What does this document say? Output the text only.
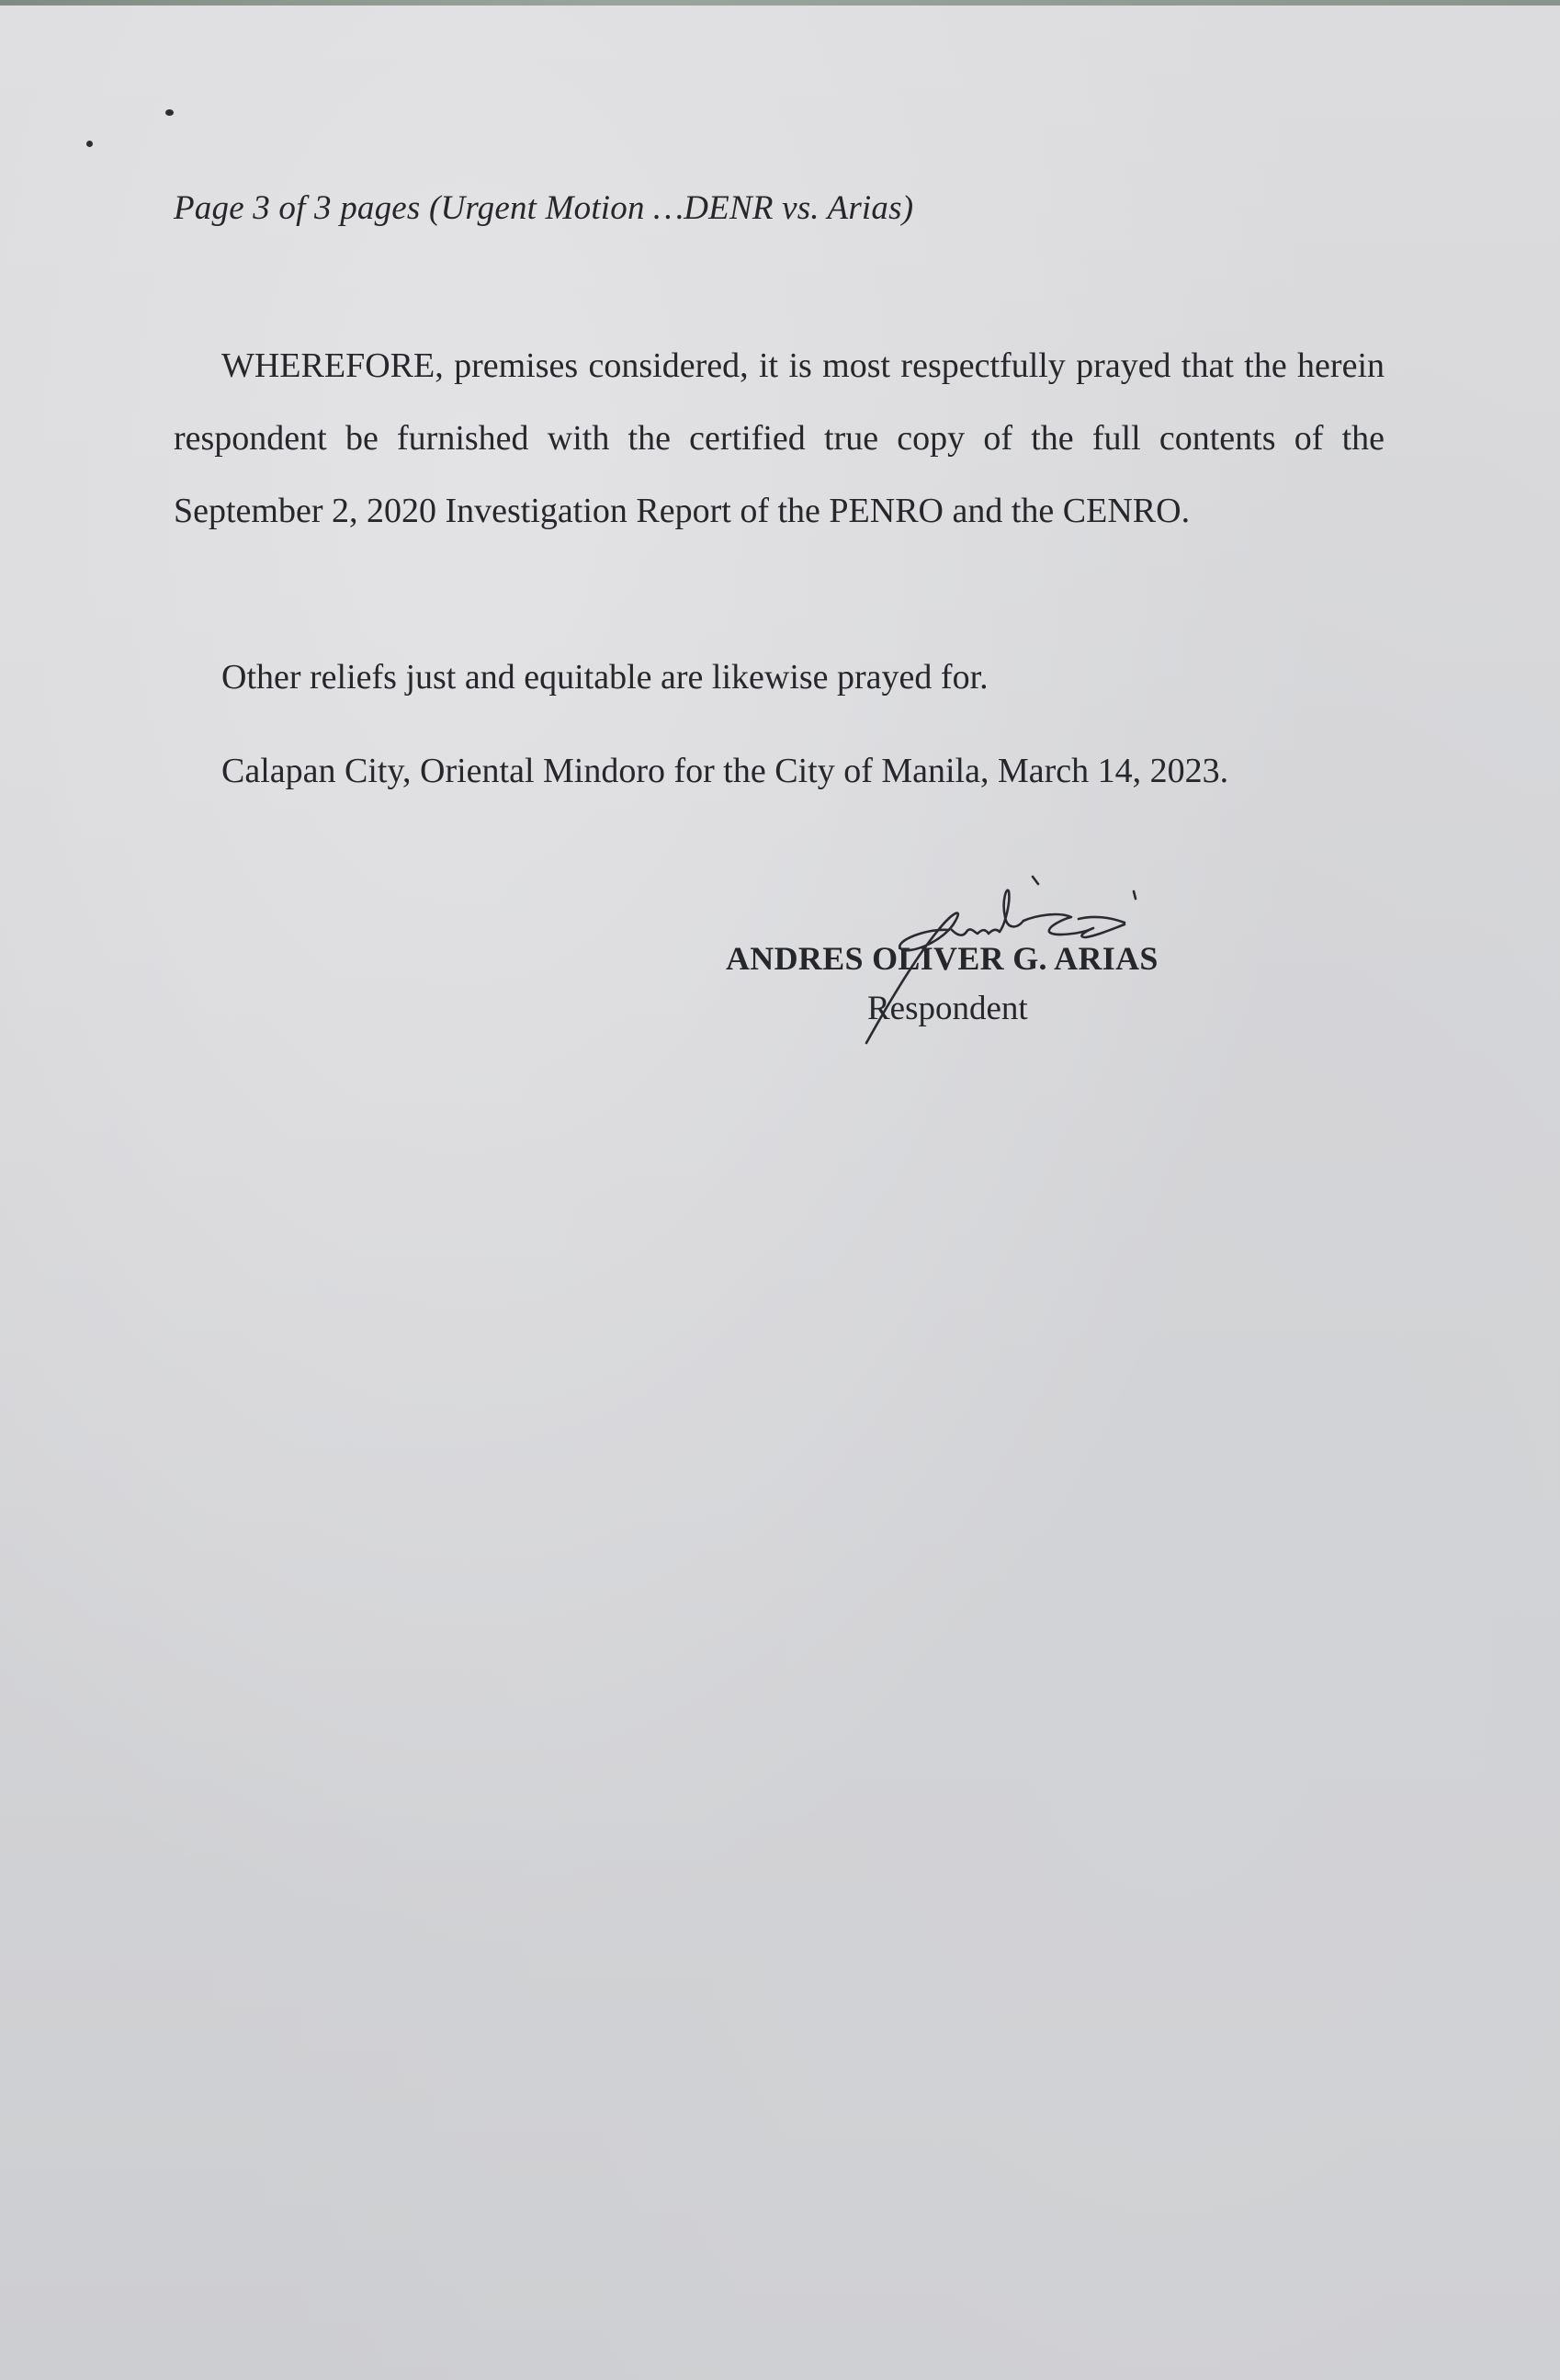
Page 3 of 3 pages (Urgent Motion …DENR vs. Arias)
WHEREFORE, premises considered, it is most respectfully prayed that the herein respondent be furnished with the certified true copy of the full contents of the September 2, 2020 Investigation Report of the PENRO and the CENRO.
Other reliefs just and equitable are likewise prayed for.
Calapan City, Oriental Mindoro for the City of Manila, March 14, 2023.
ANDRES OLIVER G. ARIAS
Respondent
